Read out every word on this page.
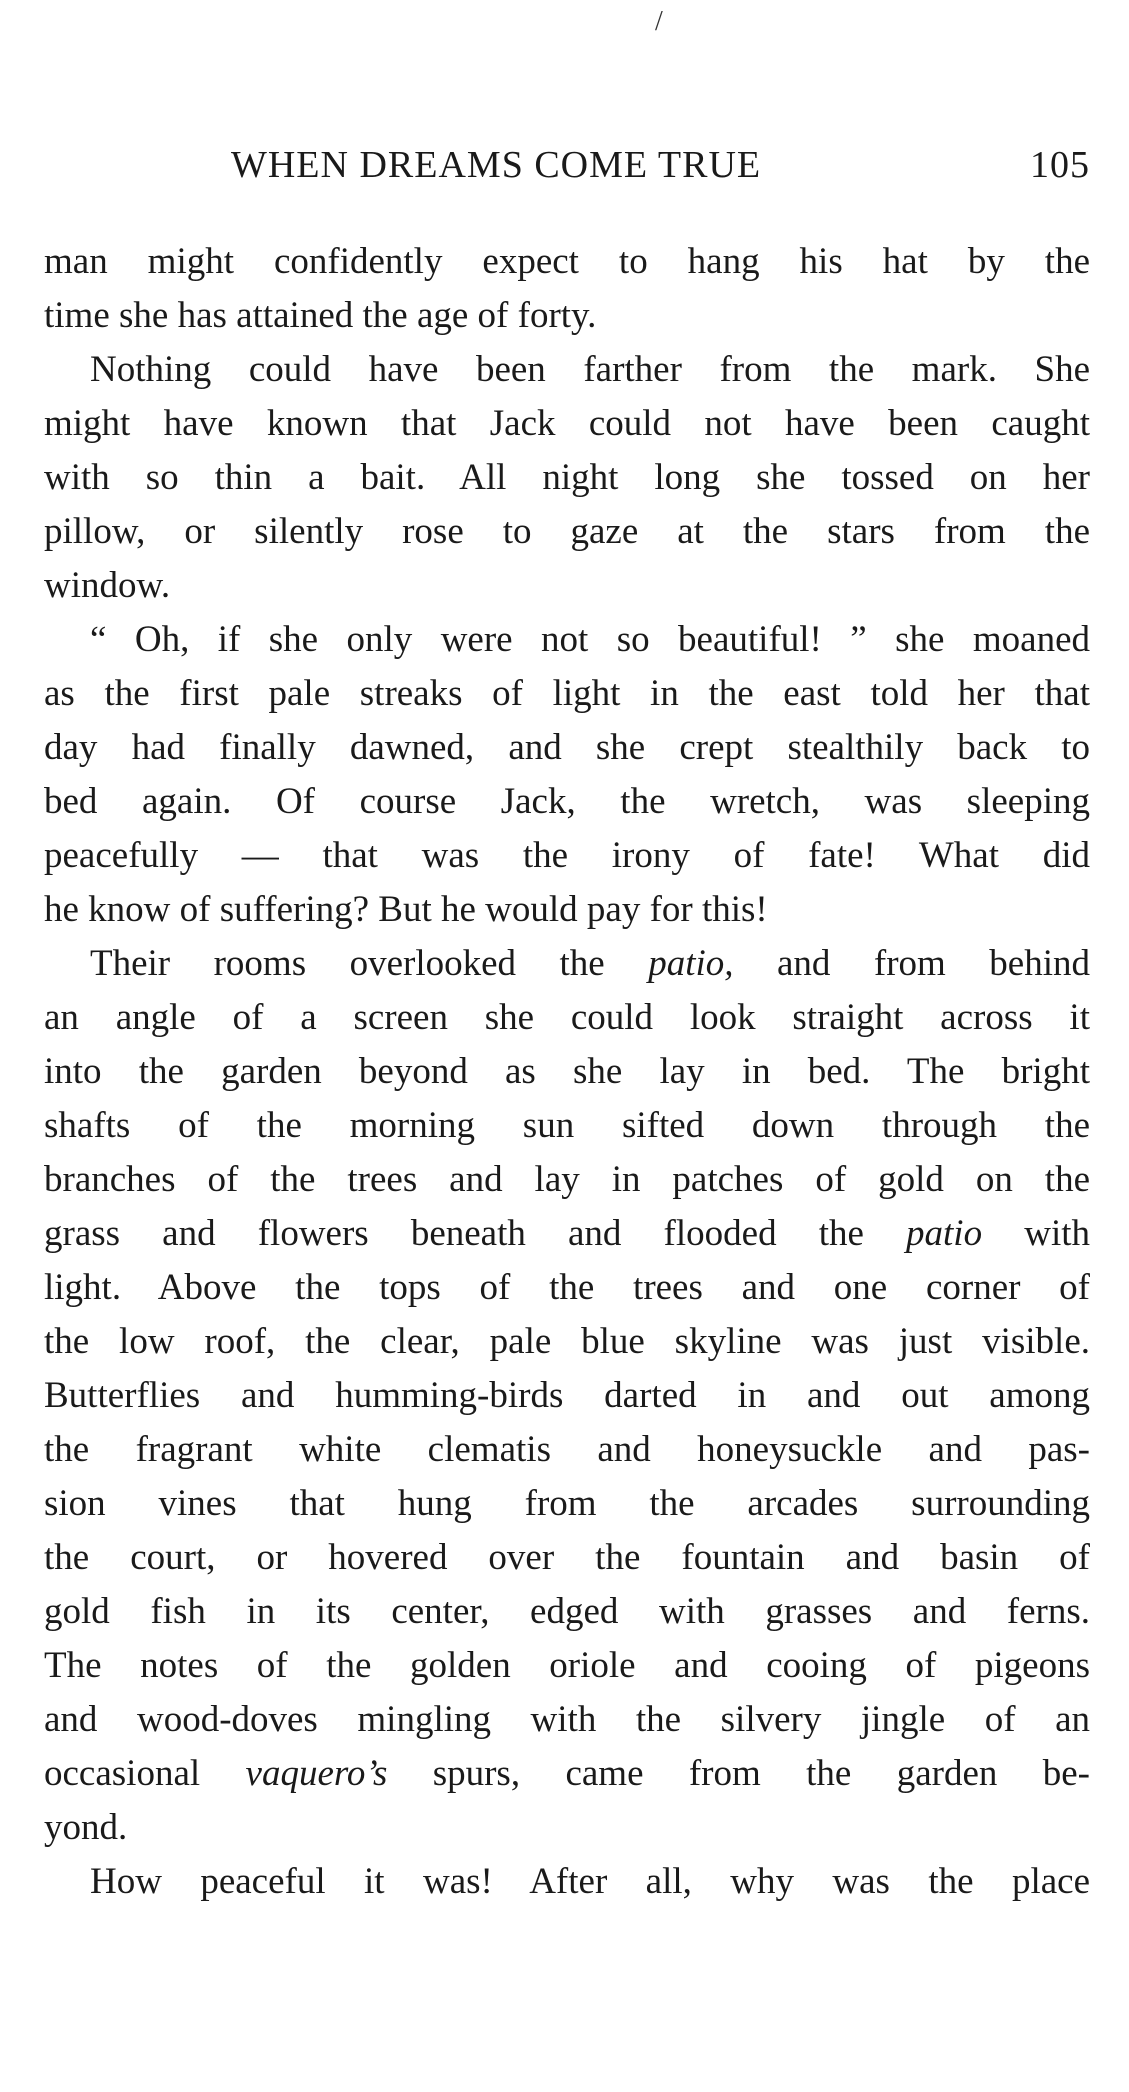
/
WHEN DREAMS COME TRUE	105
man might confidently expect to hang his hat by the
time she has attained the age of forty.
Nothing could have been farther from the mark. She
might have known that Jack could not have been caught
with so thin a bait. All night long she tossed on her
pillow, or silently rose to gaze at the stars from the
window.
“ Oh, if she only were not so beautiful! ” she moaned
as the first pale streaks of light in the east told her that
day had finally dawned, and she crept stealthily back to
bed again. Of course Jack, the wretch, was sleeping
peacefully — that was the irony of fate! What did
he know of suffering? But he would pay for this!
Their rooms overlooked the patio, and from behind
an angle of a screen she could look straight across it
into the garden beyond as she lay in bed. The bright
shafts of the morning sun sifted down through the
branches of the trees and lay in patches of gold on the
grass and flowers beneath and flooded the patio with
light. Above the tops of the trees and one corner of
the low roof, the clear, pale blue skyline was just visible.
Butterflies and humming-birds darted in and out among
the fragrant white clematis and honeysuckle and pas-
sion vines that hung from the arcades surrounding
the court, or hovered over the fountain and basin of
gold fish in its center, edged with grasses and ferns.
The notes of the golden oriole and cooing of pigeons
and wood-doves mingling with the silvery jingle of an
occasional vaquero’s spurs, came from the garden be-
yond.
How peaceful it was! After all, why was the place
